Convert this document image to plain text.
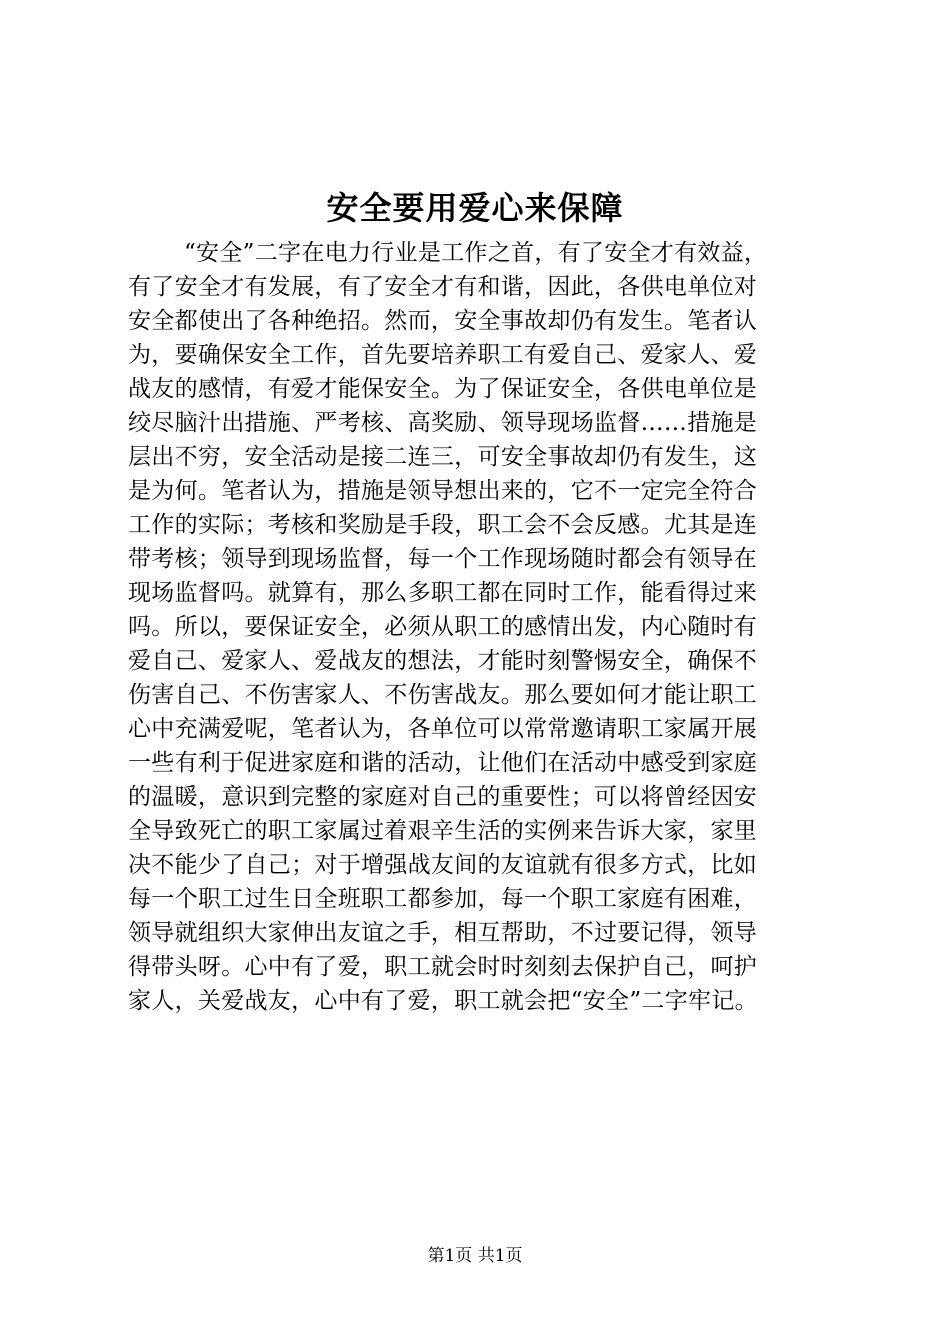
安全要用爱心来保障
“安全”二字在电力行业是工作之首，有了安全才有效益，
有了安全才有发展，有了安全才有和谐，因此，各供电单位对
安全都使出了各种绝招。然而，安全事故却仍有发生。笔者认
为，要确保安全工作，首先要培养职工有爱自己、爱家人、爱
战友的感情，有爱才能保安全。为了保证安全，各供电单位是
绞尽脑汁出措施、严考核、高奖励、领导现场监督……措施是
层出不穷，安全活动是接二连三，可安全事故却仍有发生，这
是为何。笔者认为，措施是领导想出来的，它不一定完全符合
工作的实际；考核和奖励是手段，职工会不会反感。尤其是连
带考核；领导到现场监督，每一个工作现场随时都会有领导在
现场监督吗。就算有，那么多职工都在同时工作，能看得过来
吗。所以，要保证安全，必须从职工的感情出发，内心随时有
爱自己、爱家人、爱战友的想法，才能时刻警惕安全，确保不
伤害自己、不伤害家人、不伤害战友。那么要如何才能让职工
心中充满爱呢，笔者认为，各单位可以常常邀请职工家属开展
一些有利于促进家庭和谐的活动，让他们在活动中感受到家庭
的温暖，意识到完整的家庭对自己的重要性；可以将曾经因安
全导致死亡的职工家属过着艰辛生活的实例来告诉大家，家里
决不能少了自己；对于增强战友间的友谊就有很多方式，比如
每一个职工过生日全班职工都参加，每一个职工家庭有困难，
领导就组织大家伸出友谊之手，相互帮助，不过要记得，领导
得带头呀。心中有了爱，职工就会时时刻刻去保护自己，呵护
家人，关爱战友，心中有了爱，职工就会把“安全”二字牢记。
第1页 共1页
